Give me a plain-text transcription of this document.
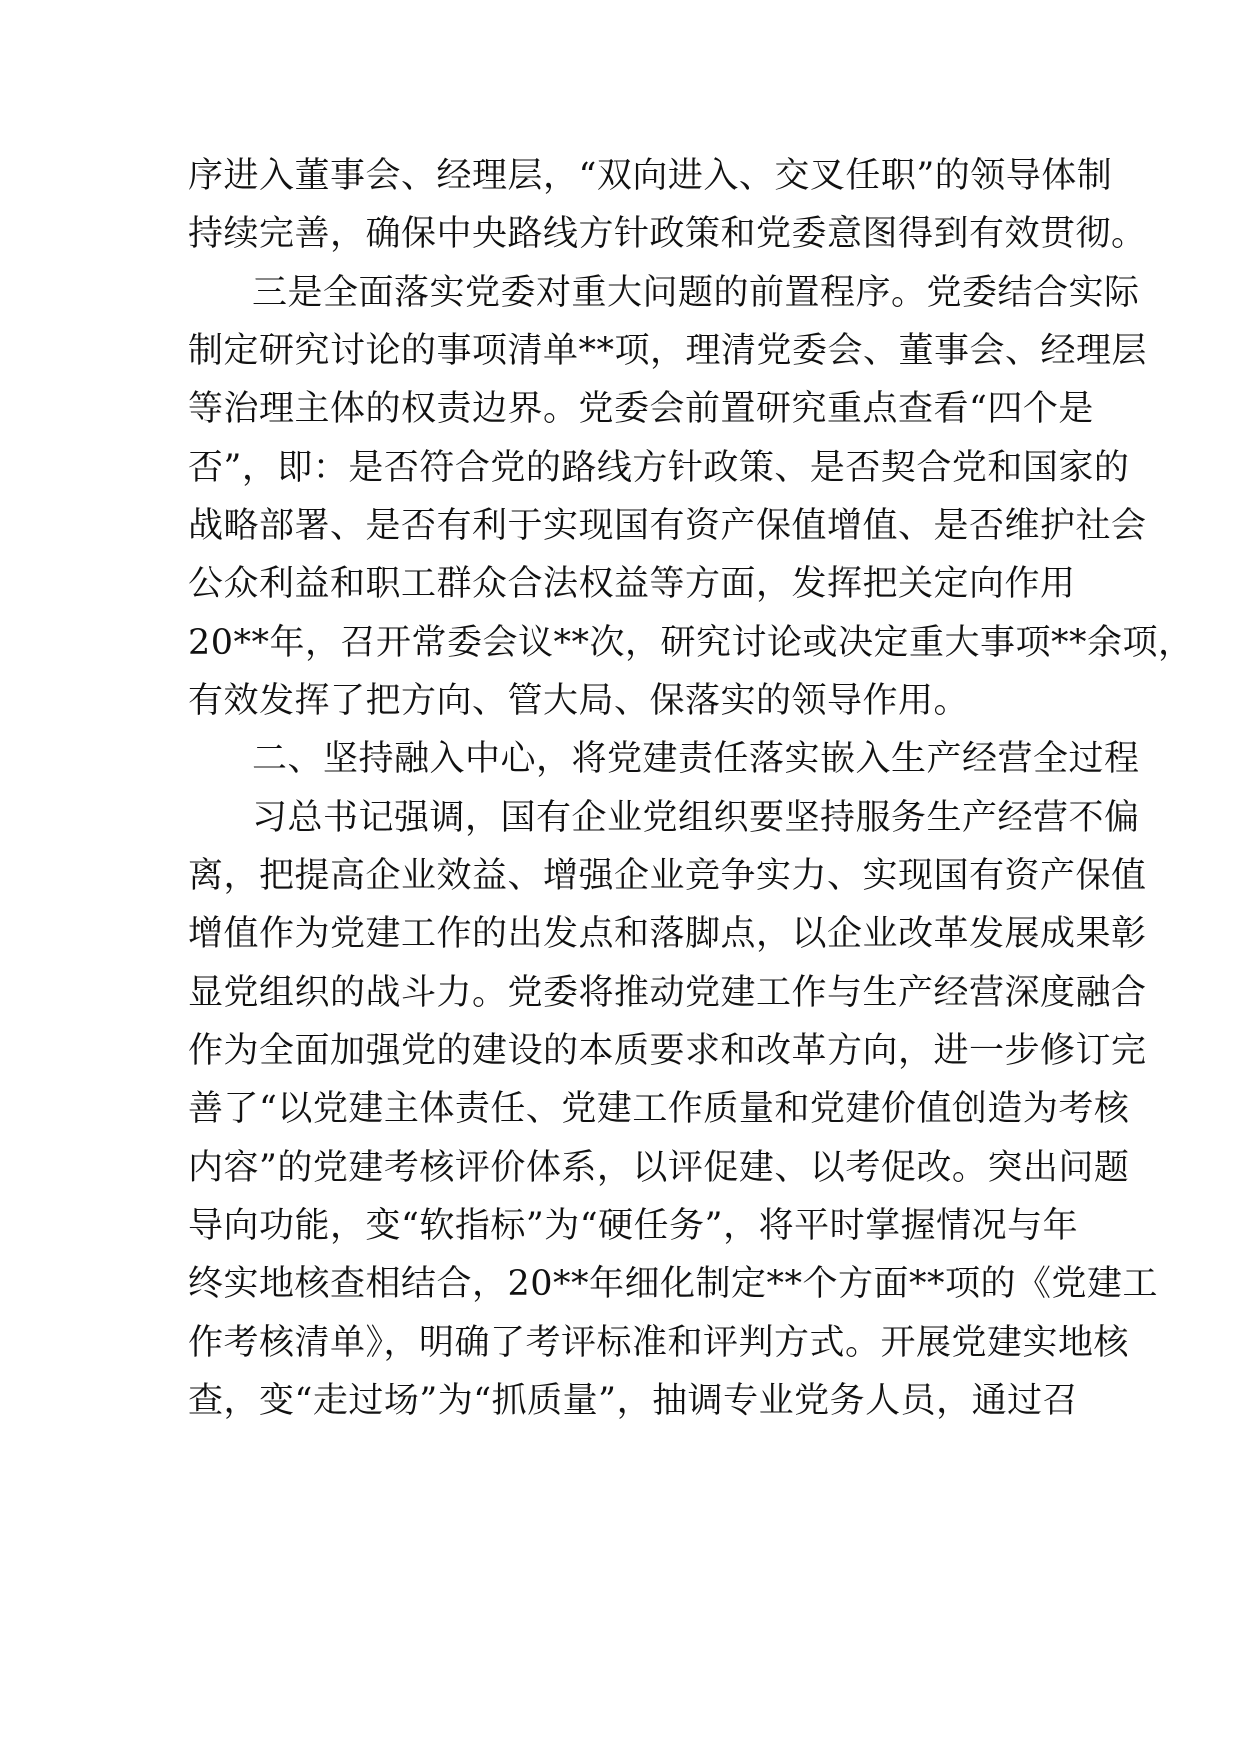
序进入董事会、经理层，“双向进入、交叉任职”的领导体制
持续完善，确保中央路线方针政策和党委意图得到有效贯彻。
三是全面落实党委对重大问题的前置程序。党委结合实际
制定研究讨论的事项清单**项，理清党委会、董事会、经理层
等治理主体的权责边界。党委会前置研究重点查看“四个是
否”，即：是否符合党的路线方针政策、是否契合党和国家的
战略部署、是否有利于实现国有资产保值增值、是否维护社会
公众利益和职工群众合法权益等方面，发挥把关定向作用
20**年，召开常委会议**次，研究讨论或决定重大事项**余项，
有效发挥了把方向、管大局、保落实的领导作用。
二、坚持融入中心，将党建责任落实嵌入生产经营全过程
习总书记强调，国有企业党组织要坚持服务生产经营不偏
离，把提高企业效益、增强企业竞争实力、实现国有资产保值
增值作为党建工作的出发点和落脚点，以企业改革发展成果彰
显党组织的战斗力。党委将推动党建工作与生产经营深度融合
作为全面加强党的建设的本质要求和改革方向，进一步修订完
善了“以党建主体责任、党建工作质量和党建价值创造为考核
内容”的党建考核评价体系，以评促建、以考促改。突出问题
导向功能，变“软指标”为“硬任务”，将平时掌握情况与年
终实地核查相结合，20**年细化制定**个方面**项的《党建工
作考核清单》，明确了考评标准和评判方式。开展党建实地核
查，变“走过场”为“抓质量”，抽调专业党务人员，通过召
